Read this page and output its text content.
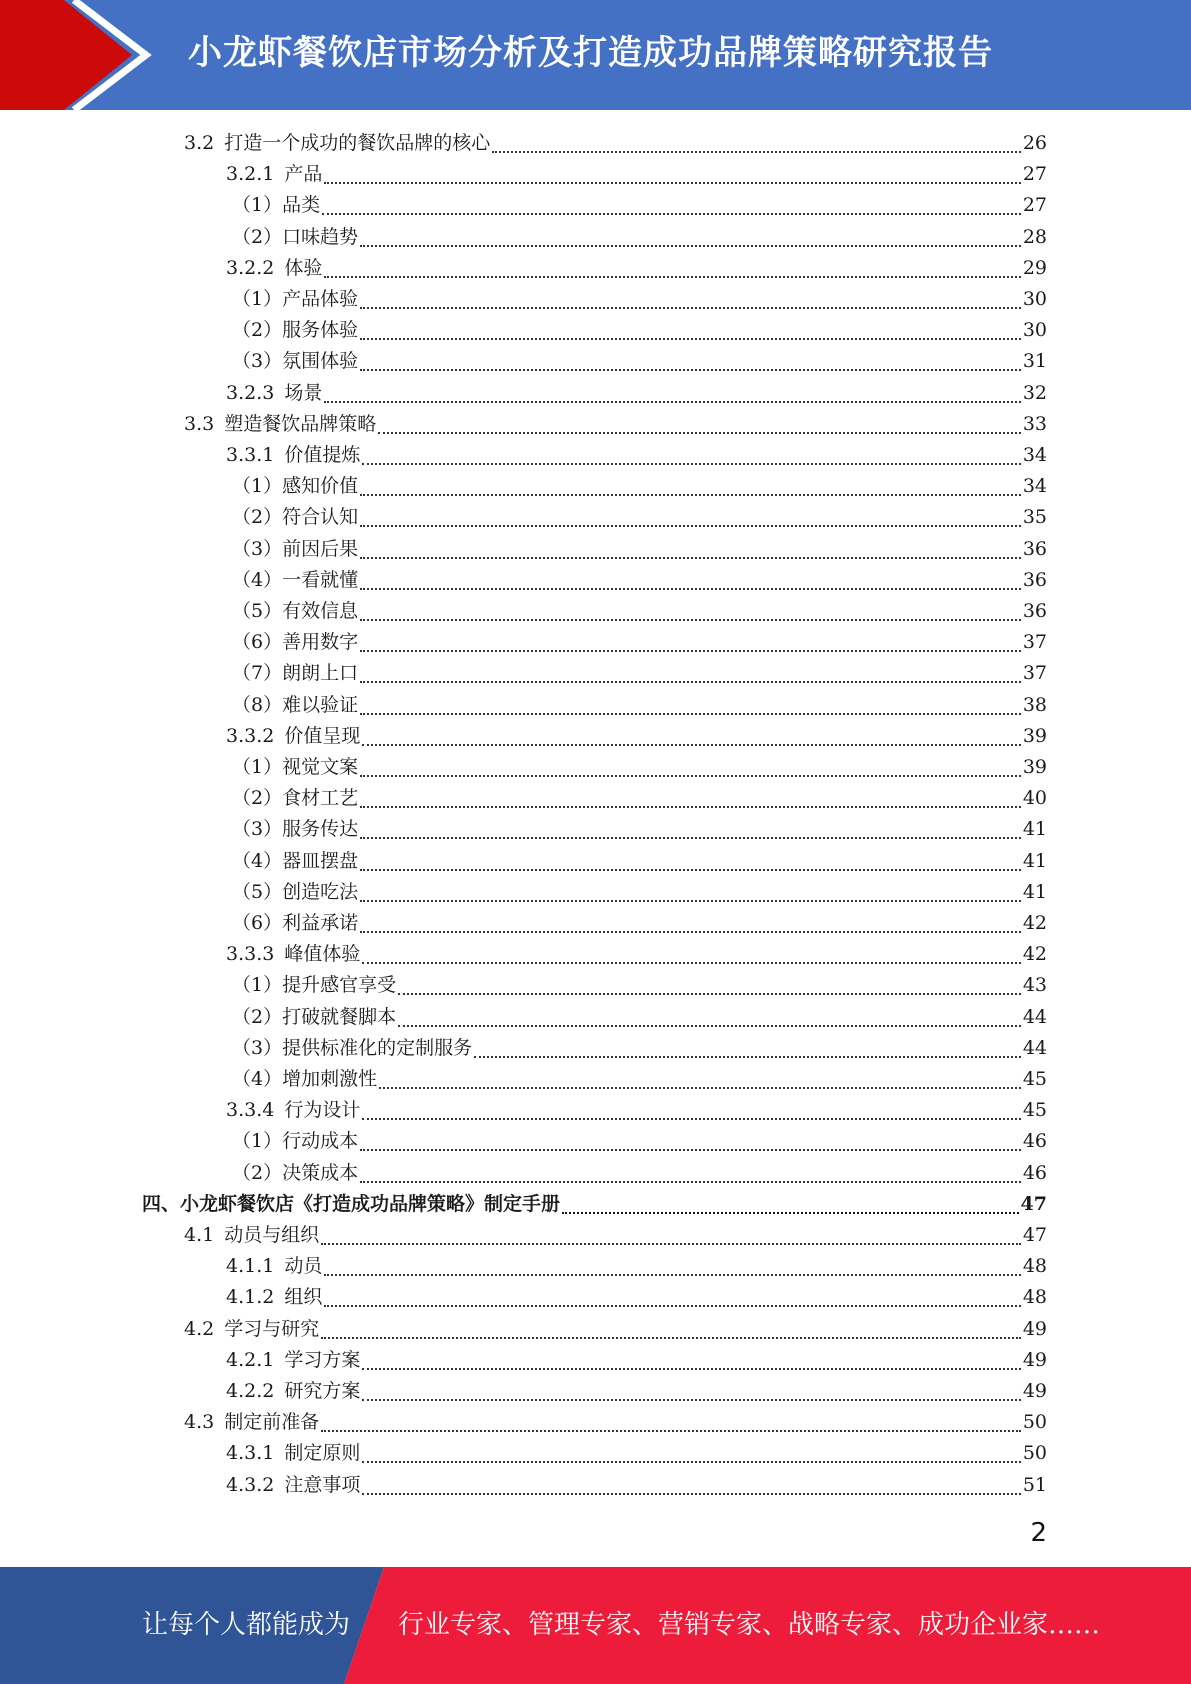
小龙虾餐饮店市场分析及打造成功品牌策略研究报告
3.2 打造一个成功的餐饮品牌的核心	26
3.2.1 产品	27
（1） 品类	27
（2） 口味趋势	28
3.2.2 体验	29
（1） 产品体验	30
（2） 服务体验	30
（3） 氛围体验	31
3.2.3 场景	32
3.3 塑造餐饮品牌策略	33
3.3.1 价值提炼	34
（1） 感知价值	34
（2） 符合认知	35
（3） 前因后果	36
（4） 一看就懂	36
（5） 有效信息	36
（6） 善用数字	37
（7） 朗朗上口	37
（8） 难以验证	38
3.3.2 价值呈现	39
（1） 视觉文案	39
（2） 食材工艺	40
（3） 服务传达	41
（4） 器皿摆盘	41
（5） 创造吃法	41
（6） 利益承诺	42
3.3.3 峰值体验	42
（1） 提升感官享受	43
（2） 打破就餐脚本	44
（3） 提供标准化的定制服务	44
（4） 增加刺激性	45
3.3.4 行为设计	45
（1） 行动成本	46
（2） 决策成本	46
四、 小龙虾餐饮店《打造成功品牌策略》制定手册	47
4.1 动员与组织	47
4.1.1 动员	48
4.1.2 组织	48
4.2 学习与研究	49
4.2.1 学习方案	49
4.2.2 研究方案	49
4.3 制定前准备	50
4.3.1 制定原则	50
4.3.2 注意事项	51
2
让每个人都能成为 行业专家、管理专家、营销专家、战略专家、成功企业家……
